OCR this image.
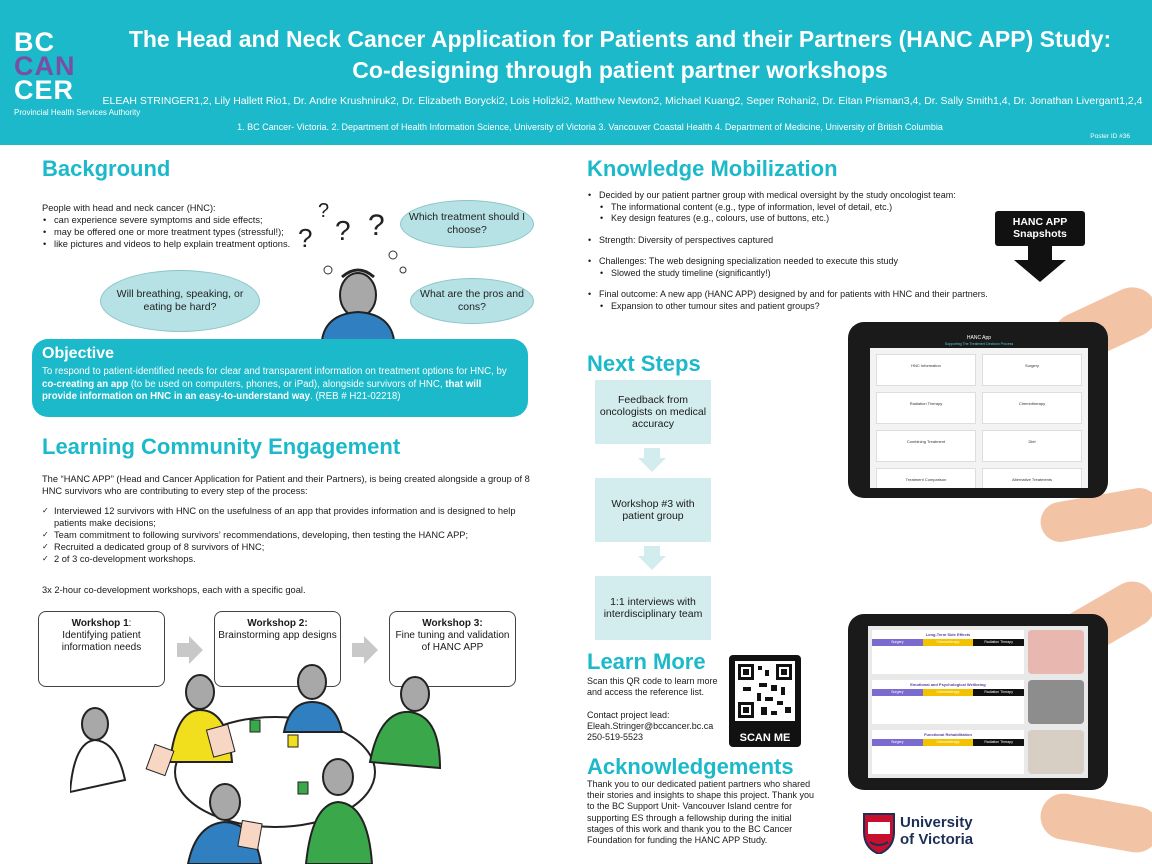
BC
CAN
CER
Provincial Health Services Authority
The Head and Neck Cancer Application for Patients and their Partners (HANC APP) Study:
Co-designing through patient partner workshops
ELEAH STRINGER1,2, Lily Hallett Rio1, Dr. Andre Krushniruk2, Dr. Elizabeth Borycki2, Lois Holizki2, Matthew Newton2, Michael Kuang2, Seper Rohani2, Dr. Eitan Prisman3,4, Dr. Sally Smith1,4, Dr. Jonathan Livergant1,2,4
1. BC Cancer- Victoria. 2. Department of Health Information Science, University of Victoria 3. Vancouver Coastal Health 4. Department of Medicine, University of British Columbia
Poster ID #36
Background
People with head and neck cancer (HNC):
• can experience severe symptoms and side effects;
• may be offered one or more treatment types (stressful!);
• like pictures and videos to help explain treatment options.
?
? ? ?	Which treatment should I choose?
Will breathing, speaking, or eating be hard?
What are the pros and cons?
Objective
To respond to patient-identified needs for clear and transparent information on treatment options for HNC, by co-creating an app (to be used on computers, phones, or iPad), alongside survivors of HNC, that will provide information on HNC in an easy-to-understand way. (REB # H21-02218)
Learning Community Engagement
The “HANC APP” (Head and Cancer Application for Patient and their Partners), is being created alongside a group of 8 HNC survivors who are contributing to every step of the process:
✓ Interviewed 12 survivors with HNC on the usefulness of an app that provides information and is designed to help patients make decisions;
✓ Team commitment to following survivors’ recommendations, developing, then testing the HANC APP;
✓ Recruited a dedicated group of 8 survivors of HNC;
✓ 2 of 3 co-development workshops.
3x 2-hour co-development workshops, each with a specific goal.
Workshop 1:
Identifying patient information needs
Workshop 2:
Brainstorming app designs
Workshop 3:
Fine tuning and validation of HANC APP
Knowledge Mobilization
• Decided by our patient partner group with medical oversight by the study oncologist team:
• The informational content (e.g., type of information, level of detail, etc.)
• Key design features (e.g., colours, use of buttons, etc.)
• Strength: Diversity of perspectives captured
• Challenges: The web designing specialization needed to execute this study
• Slowed the study timeline (significantly!)
• Final outcome: A new app (HANC APP) designed by and for patients with HNC and their partners.
• Expansion to other tumour sites and patient groups?
HANC APP Snapshots
Next Steps
Feedback from oncologists on medical accuracy
Workshop #3 with patient group
1:1 interviews with interdisciplinary team
Learn More
Scan this QR code to learn more and access the reference list.
Contact project lead:
Eleah.Stringer@bccancer.bc.ca
250-519-5523	SCAN ME
Acknowledgements
Thank you to our dedicated patient partners who shared their stories and insights to shape this project. Thank you to the BC Support Unit- Vancouver Island centre for supporting ES through a fellowship during the initial stages of this work and thank you to the BC Cancer Foundation for funding the HANC APP Study.
University
of Victoria
HANC App
Supporting The Treatment Decision Process
HNC Information	Surgery
Radiation Therapy	Chemotherapy
Combining Treatment	Diet
Treatment Comparison	Alternative Treatments
Long-Term Side Effects
Surgery	Chemotherapy	Radiation Therapy
Emotional and Psychological Wellbeing
Surgery	Chemotherapy	Radiation Therapy
Functional Rehabilitation
Surgery	Chemotherapy	Radiation Therapy
